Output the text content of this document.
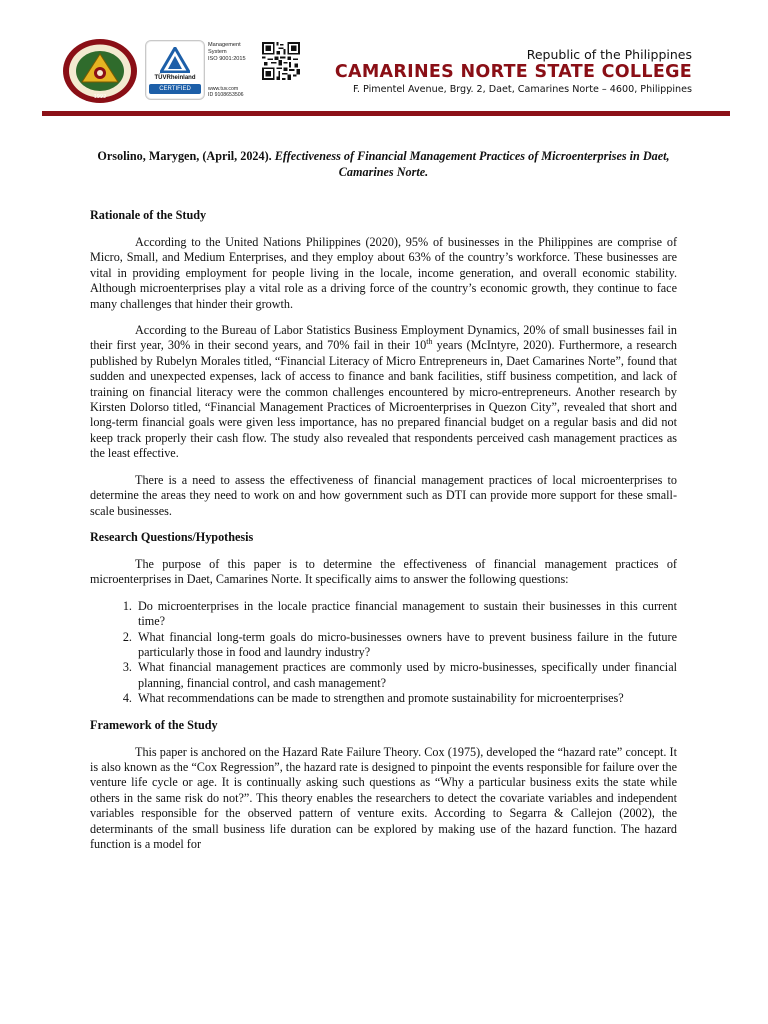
1992
TÜVRheinland
CERTIFIED
Management
System
ISO 9001:2015
www.tuv.com
ID 9108653506
Republic of the Philippines
CAMARINES NORTE STATE COLLEGE
F. Pimentel Avenue, Brgy. 2, Daet, Camarines Norte – 4600, Philippines
Orsolino, Marygen, (April, 2024). Effectiveness of Financial Management Practices of Microenterprises in Daet, Camarines Norte.
Rationale of the Study

According to the United Nations Philippines (2020), 95% of businesses in the Philippines are comprise of Micro, Small, and Medium Enterprises, and they employ about 63% of the country’s workforce. These businesses are vital in providing employment for people living in the locale, income generation, and overall economic stability. Although microenterprises play a vital role as a driving force of the country’s economic growth, they continue to face many challenges that hinder their growth.

According to the Bureau of Labor Statistics Business Employment Dynamics, 20% of small businesses fail in their first year, 30% in their second years, and 70% fail in their 10th years (McIntyre, 2020). Furthermore, a research published by Rubelyn Morales titled, “Financial Literacy of Micro Entrepreneurs in, Daet Camarines Norte”, found that sudden and unexpected expenses, lack of access to finance and bank facilities, stiff business competition, and lack of training on financial literacy were the common challenges encountered by micro-entrepreneurs. Another research by Kirsten Dolorso titled, “Financial Management Practices of Microenterprises in Quezon City”, revealed that short and long-term financial goals were given less importance, has no prepared financial budget on a regular basis and did not keep track properly their cash flow. The study also revealed that respondents perceived cash management practices as the least effective.

There is a need to assess the effectiveness of financial management practices of local microenterprises to determine the areas they need to work on and how government such as DTI can provide more support for these small-scale businesses.

Research Questions/Hypothesis

The purpose of this paper is to determine the effectiveness of financial management practices of microenterprises in Daet, Camarines Norte. It specifically aims to answer the following questions:

1. Do microenterprises in the locale practice financial management to sustain their businesses in this current time?
2. What financial long-term goals do micro-businesses owners have to prevent business failure in the future particularly those in food and laundry industry?
3. What financial management practices are commonly used by micro-businesses, specifically under financial planning, financial control, and cash management?
4. What recommendations can be made to strengthen and promote sustainability for microenterprises?
Framework of the Study

This paper is anchored on the Hazard Rate Failure Theory. Cox (1975), developed the “hazard rate” concept. It is also known as the “Cox Regression”, the hazard rate is designed to pinpoint the events responsible for failure over the venture life cycle or age. It is continually asking such questions as “Why a particular business exits the state while others in the same risk do not?”. This theory enables the researchers to detect the covariate variables and independent variables responsible for the observed pattern of venture exits. According to Segarra & Callejon (2002), the determinants of the small business life duration can be explored by making use of the hazard function. The hazard function is a model for
